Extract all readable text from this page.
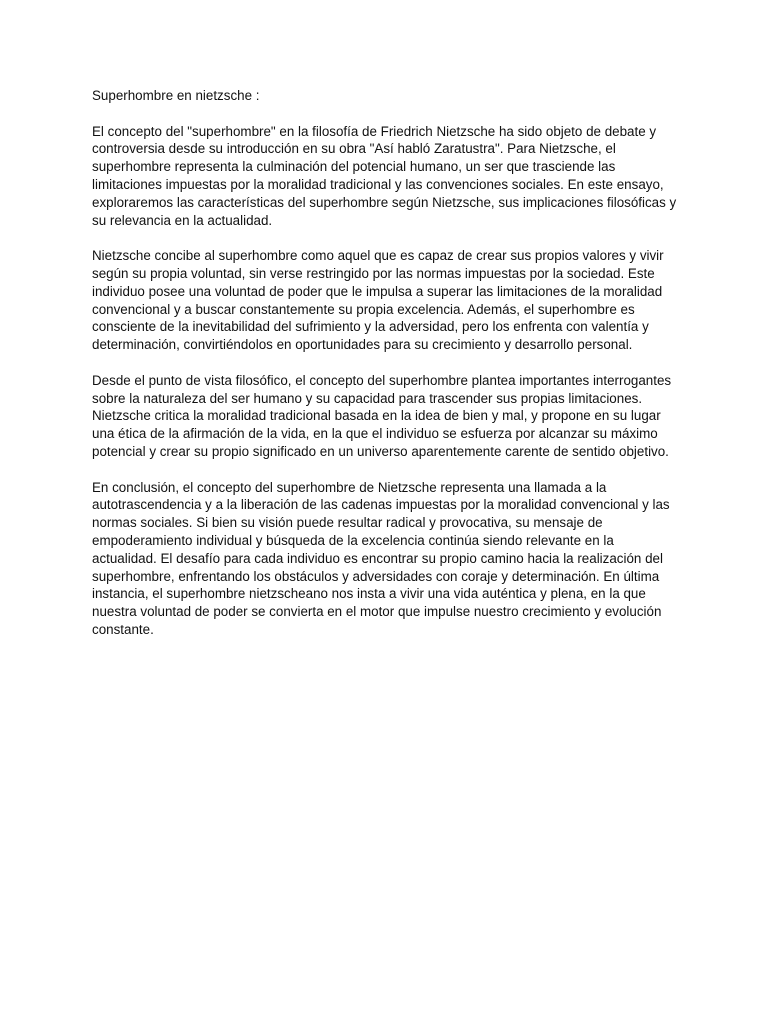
Superhombre en nietzsche :

El concepto del "superhombre" en la filosofía de Friedrich Nietzsche ha sido objeto de debate y controversia desde su introducción en su obra "Así habló Zaratustra". Para Nietzsche, el superhombre representa la culminación del potencial humano, un ser que trasciende las limitaciones impuestas por la moralidad tradicional y las convenciones sociales. En este ensayo, exploraremos las características del superhombre según Nietzsche, sus implicaciones filosóficas y su relevancia en la actualidad.

Nietzsche concibe al superhombre como aquel que es capaz de crear sus propios valores y vivir según su propia voluntad, sin verse restringido por las normas impuestas por la sociedad. Este individuo posee una voluntad de poder que le impulsa a superar las limitaciones de la moralidad convencional y a buscar constantemente su propia excelencia. Además, el superhombre es consciente de la inevitabilidad del sufrimiento y la adversidad, pero los enfrenta con valentía y determinación, convirtiéndolos en oportunidades para su crecimiento y desarrollo personal.

Desde el punto de vista filosófico, el concepto del superhombre plantea importantes interrogantes sobre la naturaleza del ser humano y su capacidad para trascender sus propias limitaciones. Nietzsche critica la moralidad tradicional basada en la idea de bien y mal, y propone en su lugar una ética de la afirmación de la vida, en la que el individuo se esfuerza por alcanzar su máximo potencial y crear su propio significado en un universo aparentemente carente de sentido objetivo.

En conclusión, el concepto del superhombre de Nietzsche representa una llamada a la autotrascendencia y a la liberación de las cadenas impuestas por la moralidad convencional y las normas sociales. Si bien su visión puede resultar radical y provocativa, su mensaje de empoderamiento individual y búsqueda de la excelencia continúa siendo relevante en la actualidad. El desafío para cada individuo es encontrar su propio camino hacia la realización del superhombre, enfrentando los obstáculos y adversidades con coraje y determinación. En última instancia, el superhombre nietzscheano nos insta a vivir una vida auténtica y plena, en la que nuestra voluntad de poder se convierta en el motor que impulse nuestro crecimiento y evolución constante.
